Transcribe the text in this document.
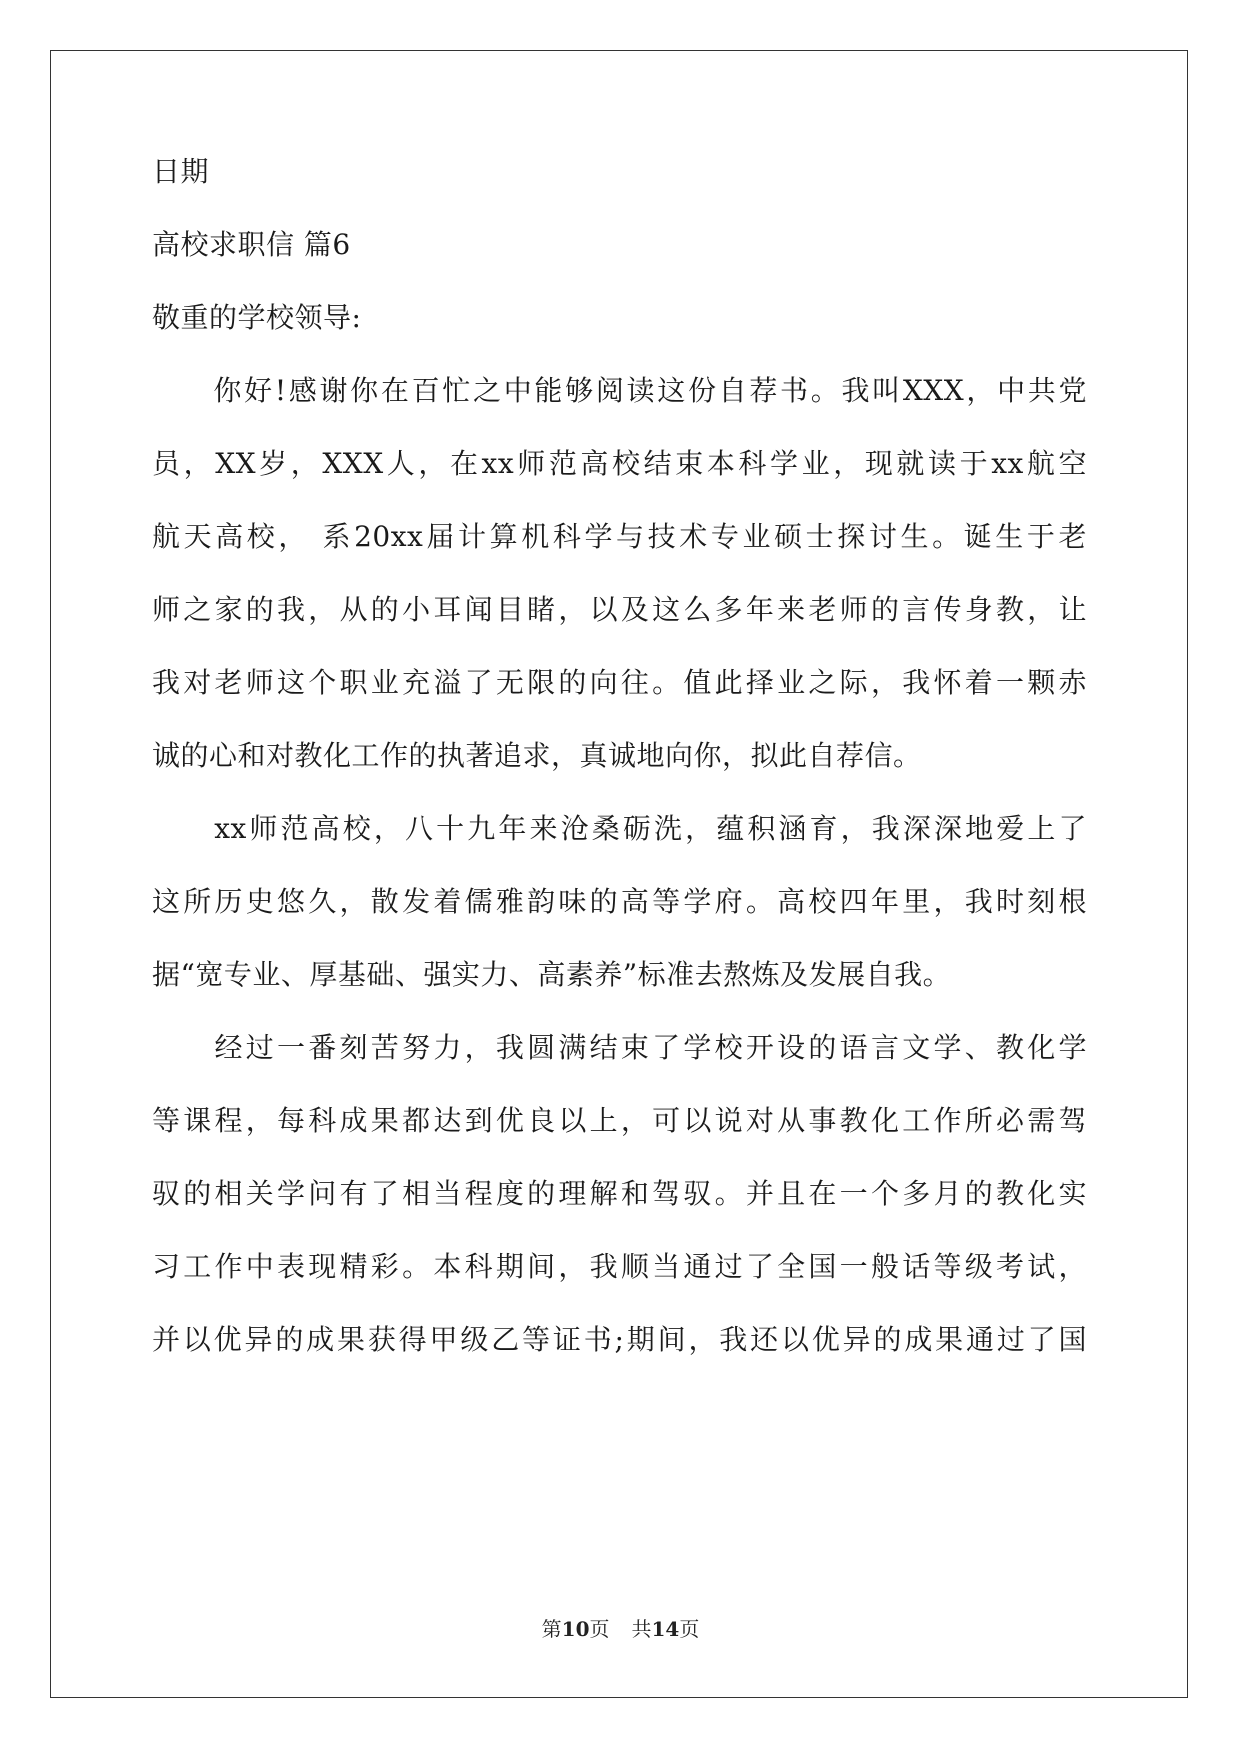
日期
高校求职信 篇6
敬重的学校领导:
　　你好!感谢你在百忙之中能够阅读这份自荐书。我叫XXX，中共党
员，XX岁，XXX人，在xx师范高校结束本科学业，现就读于xx航空
航天高校， 系20xx届计算机科学与技术专业硕士探讨生。诞生于老
师之家的我，从的小耳闻目睹，以及这么多年来老师的言传身教，让
我对老师这个职业充溢了无限的向往。值此择业之际，我怀着一颗赤
诚的心和对教化工作的执著追求，真诚地向你，拟此自荐信。
　　xx师范高校，八十九年来沧桑砺洗，蕴积涵育，我深深地爱上了
这所历史悠久，散发着儒雅韵味的高等学府。高校四年里，我时刻根
据“宽专业、厚基础、强实力、高素养”标准去熬炼及发展自我。
　　经过一番刻苦努力，我圆满结束了学校开设的语言文学、教化学
等课程，每科成果都达到优良以上，可以说对从事教化工作所必需驾
驭的相关学问有了相当程度的理解和驾驭。并且在一个多月的教化实
习工作中表现精彩。本科期间，我顺当通过了全国一般话等级考试，
并以优异的成果获得甲级乙等证书;期间，我还以优异的成果通过了国
第10页 共14页
